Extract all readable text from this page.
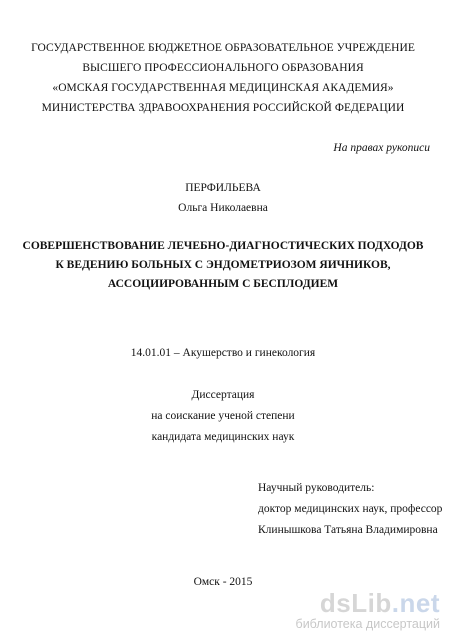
ГОСУДАРСТВЕННОЕ БЮДЖЕТНОЕ ОБРАЗОВАТЕЛЬНОЕ УЧРЕЖДЕНИЕ
ВЫСШЕГО ПРОФЕССИОНАЛЬНОГО ОБРАЗОВАНИЯ
«ОМСКАЯ ГОСУДАРСТВЕННАЯ МЕДИЦИНСКАЯ АКАДЕМИЯ»
МИНИСТЕРСТВА ЗДРАВООХРАНЕНИЯ РОССИЙСКОЙ ФЕДЕРАЦИИ
На правах рукописи
ПЕРФИЛЬЕВА
Ольга Николаевна
СОВЕРШЕНСТВОВАНИЕ ЛЕЧЕБНО-ДИАГНОСТИЧЕСКИХ ПОДХОДОВ
К ВЕДЕНИЮ БОЛЬНЫХ С ЭНДОМЕТРИОЗОМ ЯИЧНИКОВ,
АССОЦИИРОВАННЫМ С БЕСПЛОДИЕМ
14.01.01 – Акушерство и гинекология
Диссертация
на соискание ученой степени
кандидата медицинских наук
Научный руководитель:
доктор медицинских наук, профессор
Клинышкова Татьяна Владимировна
Омск - 2015
dsLib.net
библиотека диссертаций
